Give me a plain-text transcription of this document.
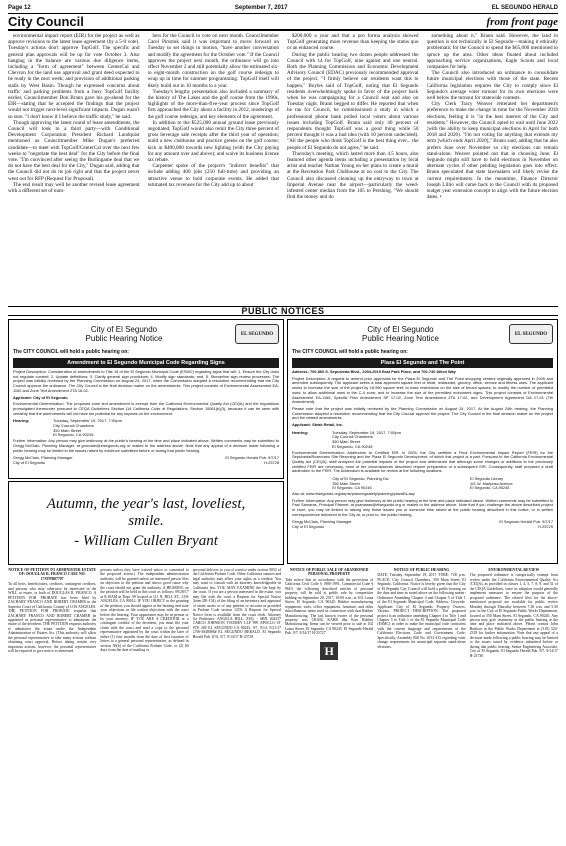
Page 12	September 7, 2017	EL SEGUNDO HERALD
City Council	from front page

environmental impact report (EIR) for the project as well as approve revisions to the latest lease agreement (by a 5-0 vote). Tuesday's actions don't approve TopGolf. The specific and general plan approvals will be up for vote October 3. Also hanging in the balance are various due diligence items, including a "form of agreement" between CenterCal and Chevron for the land use approval and grant deed expected to be ready in the next week; and provision of additional parking stalls by West Basin. Though he expressed concerns about traffic and parking problems from a busy TopGolf facility earlier, Councilmember Don Brann gave his go-ahead for the EIR—stating that he accepted the findings that the project would not trigger next-level significant impacts. Dugan wasn't so sure. "I don't know if I believe the traffic study," he said.

Though approving the latest round of lease amendments, the Council will look to a third party—with Conditional Development Corporation President Richard Lundquist mentioned as Councilmember Mike Dugan's preferred candidate—to meet with TopGolf/CenterCal over the next few weeks to "negotiate the best deal" for the City before the final vote. "I'm convinced after seeing the Burlingame deal that we do not have the best deal for the City," Dugan said, adding that the Council did not do its job right and that the project never went out for RFP (Request For Proposal).

The end result may well be another revised lease agreement with a different set of num-

bers for the Council to vote on next month. Councilmember Carol Pirsztuk said it was important to move forward on Tuesday to set things in motion, "have another conversation and modify the agreement for the October vote." If the Council approves the project next month, the ordinance will go into effect November 2 and still potentially allow the estimated six- to eight-month construction on the golf course redesign to wrap up in time for summer programming. TopGolf itself will likely build out in 10 months to a year.

Tuesday's lengthy presentation also included a summary of the history of The Lakes and the golf course from the 1990s, highlights of the more-than-five-year process since TopGolf first approached the City about a facility in 2012, renderings of the golf course redesign, and key elements of the agreement.

In addition to the $525,000 annual ground lease previously negotiated, TopGolf would also remit the City three percent of gross beverage sale receipts after the third year of operation; build a new clubhouse and practice greens on the golf course; kick in $400,000 towards new lighting (with the City paying for any amount over and above); and waive its business license tax rebate.

Carpenter spoke of the project's "indirect benefits" that include adding 400 jobs (250 full-time) and providing an attractive venue to hold corporate events. He added that estimated tax revenues for the City add up to about

$200,000 a year and that a pro forma analysis showed TopGolf generating more revenue than keeping the status quo or an enhanced course.

During the public hearing two dozen people addressed the Council with 14 for TopGolf, nine against and one neutral. Both the Planning Commission and Economic Development Advisory Council (EDAC) previously recommended approval of the project. "I firmly believe our residents want this to happen," Boyles said of TopGolf, noting that El Segundo residents overwhelmingly spoke in favor of the project back when he was campaigning for a Council seat and also on Tuesday night. Brann begged to differ. He reported that when he ran for Council, he commissioned a study in which a professional phone bank polled local voters about various issues including TopGolf. Brann said only 40 percent of respondents thought TopGolf was a good thing while 50 percent thought it was a bad idea (with 10 percent undecided). "All the people who think TopGolf is the best thing ever... the people of El Segundo do not agree," he said.

Thursday's meeting, which lasted more than 4.5 hours, also featured other agenda items including a presentation by local artist and teacher Nathan Young on her plans to create a mural at the Recreation Park Clubhouse at no cost to the City. The Council also discussed cleaning up the entryway to town at Imperial Avenue near the airport—particularly the weed-infested center median from the 105 to Pershing. "We should find the money and do

something about it," Brann said. However, the land in question is not technically in El Segundo—making it ethically problematic for the Council to spend the $65,000 mentioned to spruce up the area. Other ideas floated about included approaching service organizations, Eagle Scouts and local companies for help.

The Council also introduced an ordinance to consolidate future municipal elections with those of the state. Recent California legislation requires the City to comply since El Segundo's average voter turnout for its own elections were well below the turnout for statewide contests.

City Clerk Tracy Weaver reiterated her department's preference to make the change in time for the November 2018 elections, feeling it is "in the best interest of the City and residents." However, the Council opted to wait until June 2022 (with the ability to keep municipal elections in April for both 2018 and 2020). "I'm not voting for anything that extends my term [which ends April 2020]," Brann said, adding that he also prefers June over November so city elections can remain stand-alone. Weaver pointed out that in choosing June, El Segundo might still have to hold elections in November on alternate cycles if other pending legislation goes into effect. Brann speculated that state lawmakers will likely revise the current requirements. In the meantime, Finance Director Joseph Lillio will come back to the Council with its proposed budget year extension concept to align with the future election dates. •

PUBLIC NOTICES
City of El Segundo
Public Hearing Notice	EL SEGUNDO
The CITY COUNCIL will hold a public hearing on:
Amendment to El Segundo Municipal Code Regarding Signs

Project Description: Consideration of amendments to Title 15 of the El Segundo Municipal Code (ESMC) regarding signs that will: 1. Ensure the City does not regulate content; 2. Update definitions; 3. Clarify general sign provisions; 4. Modify sign standards; and, 5. Streamline sign review processes. The project was initially reviewed by the Planning Commission on August 24, 2017, when the Commission adopted a resolution recommending that the City Council approve the ordinance. The City Council is the final decision maker on the amendments. This project consists of Environmental Assessment EA-1150 and Zone Text Amendment ZTA 16-02.

Applicant: City of El Segundo

Environmental Determination: The proposed zone text amendment is exempt from the California Environmental Quality Act (CEQA) and the regulations promulgated thereunder pursuant to CEQA Guidelines Section (14 California Code of Regulations, Section 15061(b)(3), because it can be seen with certainty that the amendments will not have the potential for any impacts on the environment.

Hearing:	Tuesday, September 19, 2017, 7:00pm
City Council Chambers
350 Main Street
El Segundo, CA 90245

Further Information: Any person may give testimony at the public's hearing at the time and place indicated above. Written comments may be submitted to Gregg McClain, Planning Manager, at gmcclain@elsegundo.org or mailed to the address above. Note that any appeal of a decision made following a public hearing may be limited to the issues raised by evidence submitted before or during that public hearing.

Gregg McClain, Planning Manager
City of El Segundo
El Segundo Herald Pub. 9/7/17
H-25728
City of El Segundo
Public Hearing Notice	EL SEGUNDO
The CITY COUNCIL will hold a public hearing on:
Plaza El Segundo and The Point

Address: 700-860 S. Sepulveda Blvd., 2004-2015 East Park Place, and 700-740 Allied Way

Project Description: A request to amend prior approvals for the Plaza El Segundo and The Point shopping centers originally approved in 2005 and amended subsequently. The applicant seeks a total approved square feet of retail, restaurant, grocery, office, service and fitness uses. The applicant seeks to increase the size of the project by 16,950 square feet; to ease restrictions on the size of tenant spaces; to modify the number of permitted uses; to allow additional uses in the C-4 zone; and to increase the size of the permitted monument signs. This project consists of Environmental Assessment EA-1165, Specific Plan Amendment SP 17-02, Zone Text Amendment ZTA 17-02, and Development Agreement DA 17-01 (7th Amendment).

Please note that the project was initially reviewed by the Planning Commission on August 24, 2017. At the August 24th hearing, the Planning Commission adopted a resolution recommending that the City Council approve the project. The City Council is the final decision maker on the project and the related amendments.

Applicant: Steak Retail, Inc.

Hearing:	Tuesday, September 19, 2017, 7:00pm
City Council Chambers
350 Main Street
El Segundo, CA 90245

Environmental Determination: Addendum to Certified EIR. In 2005, the City certified a Final Environmental Impact Report (FEIR) for the Sepulveda/Rosecrans Site Rezoning and the Plaza El Segundo Development, of which this project is a part. Pursuant to the California Environmental Quality Act (CEQA), staff analyzed the potential impacts of the project and determined that although some changes or additions to the previously certified FEIR are necessary, none of the circumstances described require preparation of a subsequent EIR. Consequently, staff prepared a draft addendum to the FEIR. The Addendum is available for review at the following locations:

City of El Segundo, Planning Div.
350 Main Street
El Segundo, CA 90245
El Segundo Library
111 W. Mariposa Avenue
El Segundo, CA 90245

Also at: www.elsegundo.org/depts/planningsafety/planning/plazaEs.asp

Further Information: Any person may give testimony at the public hearing at the time and place indicated above. Written comments may be submitted to Paul Samaras, Principal Planner, at psamaras@elsegundo.org or mailed to the address above. Note that if you challenge the above described project in court, you may be limited to raising only those issues you or someone else raised at the public hearing described in this notice, or in written correspondence delivered to the City at, or prior to, the public hearing.

Gregg McClain, Planning Manager
City of El Segundo
El Segundo Herald Pub. 9/7/17
H-25729
Autumn, the year's last, loveliest,
smile.
- William Cullen Bryant
NOTICE OF PETITION TO ADMINISTER ESTATE OF: DOUGLAS R. FRANCO CASE NO. 17STPB07797
To all heirs, beneficiaries, creditors, contingent creditors, and persons who may otherwise be interested in the WILL or estate, or both of DOUGLAS R. FRANCO. A PETITION FOR PROBATE has been filed by ZACHARY FRANCO AND ROBERT CRAMER in the Superior Court of California, County of LOS ANGELES. THE PETITION FOR PROBATE requests that ZACHARY FRANCO AND ROBERT CRAMER be appointed as personal representative to administer the estate of the decedent. THE PETITION requests authority to administer the estate under the Independent Administration of Estates Act. (This authority will allow the personal representative to take many actions without obtaining court approval. Before taking certain very important actions, however, the personal representative will be required to give notice to interested
persons unless they have waived notice or consented to the proposed action.) The independent administration authority will be granted unless an interested person files an objection to the petition and shows good cause why the court should not grant the authority. A HEARING on the petition will be held in this court as follows: 09/28/17 at 8:30AM in Dept. 99 located at 111 N. HILL ST., LOS ANGELES, CA 90012. IF YOU OBJECT to the granting of the petition, you should appear at the hearing and state your objections or file written objections with the court before the hearing. Your appearance may be in person or by your attorney. IF YOU ARE A CREDITOR or a contingent creditor of the decedent, you must file your claim with the court and mail a copy to the personal representative appointed by the court within the later of either (1) four months from the date of first issuance of letters to a general personal representative, as defined in section 58(b) of the California Probate Code, or (2) 60 days from the date of mailing or
personal delivery to you of a notice under section 9052 of the California Probate Code. Other California statutes and legal authority may affect your rights as a creditor. You may want to consult with an attorney knowledgeable in California law. YOU MAY EXAMINE the file kept by the court. If you are a person interested in the estate, you may file with the court a Request for Special Notice (form DE-154) of the filing of an inventory and appraisal of estate assets or of any petition or account as provided in Probate Code section 1250. A Request for Special Notice form is available from the court clerk. Attorney for Petitioner: ANGELA HILL, ESQ. - SBN 264237 CARCO JOHNSON TOOMEY LLP 999 APOLLO ST STE 200 EL SEGUNDO CA 90245. 9/7, 9/14, 9/21/17 CNS-3048086# EL SEGUNDO HERALD. El Segundo Herald Pub. 8/31, 9/7, 9/14/17 H-25718
NOTICE OF PUBLIC SALE OF ABANDONED PERSONAL PROPERTY
Take notice that in accordance with the provisions of California Civil Code § 1980-1991, Commercial Code § 9610, the following described articles of personal property will be sold at public sale by competitive bidding on September 20, 2017, 10:00 a.m., at 102 Loma Street, El Segundo, CA 90245: Rubber manufacturing equipment, tools, office equipment, furniture, and other miscellaneous items used in connection with that Rubber Manufacturing. The last known owner of the personal property was CRAIG KARR dba Karr Rubber Manufacturing. Items can be viewed prior to sale at 102 Loma Street, El Segundo, CA 90245. El Segundo Herald Pub. 9/7, 9/14/17 H-25727
H
NOTICE OF PUBLIC HEARING
DATE: Tuesday, September 19, 2017. TIME: 7:00 p.m. PLACE: City Council Chambers, 350 Main Street, El Segundo, California. Notice is hereby given that the City of El Segundo City Council will hold a public hearing on the date and time as noted above on the following matter: Ordinance Amending Chapter 4 and Chapter 5 of Title 1 of the El Segundo Municipal Code. Address: Citywide. Applicant: City of El Segundo. Property Owners: Various. PROJECT DESCRIPTION: The proposed project is an ordinance amending Chapter 4 to Title 1 and Chapter 5 to Title 1 of the El Segundo Municipal Code (ESMC) in order to make the municipal code consistent with the current language and requirements of the California Elections Code and Government Code. Specifically, Assembly Bill No. 2012-415 regarding voter change requirements for municipal separate stand-alone elections.
ENVIRONMENTAL REVIEW
The proposed ordinance is categorically exempt from review under the California Environmental Quality Act (CEQA), as provided in classes 1, 4, 5, 7, 8, 9, and 31 of the CEQA Guidelines, since its adoption would generally implement measures to ensure the purpose of the proposed ordinance. The related files for the above-mentioned proposal are available for public review Monday through Thursday between 7:30 a.m. and 5:30 p.m. in the City of El Segundo Public Works Department, located at 350 Main Street, El Segundo, CA 90245. Any person may give testimony at the public hearing at the time and place indicated above. Please contact John Barbour in the Public Works Department at (310) 524-2318 for further information. Note that any appeal of a decision made following a public hearing may be limited to the issues raised by evidence submitted before or during that public hearing. Senior Engineering Associate, City of El Segundo. El Segundo Herald Pub. 9/7, 9/14/17 H-25730
